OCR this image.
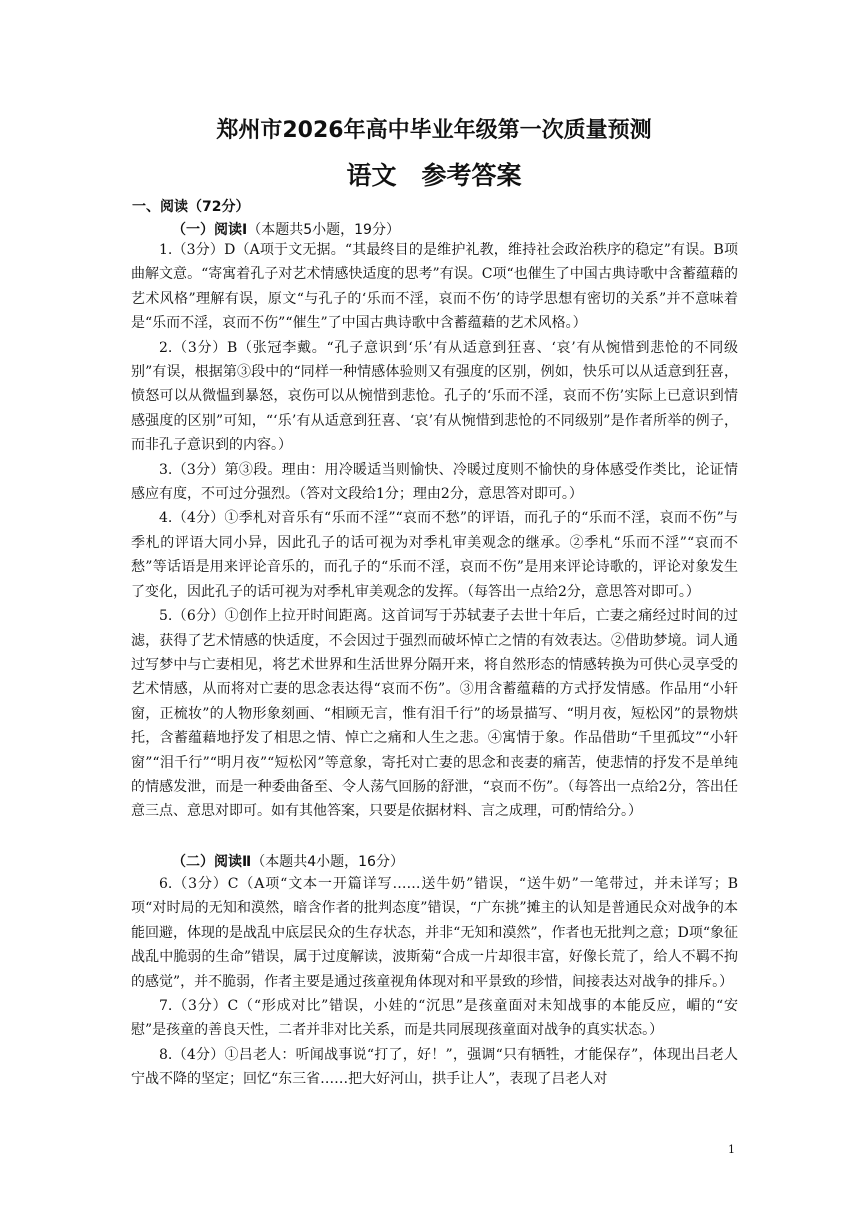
郑州市2026年高中毕业年级第一次质量预测
语文　参考答案
一、阅读（72分）
（一）阅读Ⅰ（本题共5小题，19分）

1.（3分）D（A项于文无据。“其最终目的是维护礼教，维持社会政治秩序的稳定”有误。B项曲解文意。“寄寓着孔子对艺术情感快适度的思考”有误。C项“也催生了中国古典诗歌中含蓄蕴藉的艺术风格”理解有误，原文“与孔子的‘乐而不淫，哀而不伤’的诗学思想有密切的关系”并不意味着是“乐而不淫，哀而不伤”“催生”了中国古典诗歌中含蓄蕴藉的艺术风格。）

2.（3分）B（张冠李戴。“孔子意识到‘乐’有从适意到狂喜、‘哀’有从惋惜到悲怆的不同级别”有误，根据第③段中的“同样一种情感体验则又有强度的区别，例如，快乐可以从适意到狂喜，愤怒可以从微愠到暴怒，哀伤可以从惋惜到悲怆。孔子的‘乐而不淫，哀而不伤’实际上已意识到情感强度的区别”可知，“‘乐’有从适意到狂喜、‘哀’有从惋惜到悲怆的不同级别”是作者所举的例子，而非孔子意识到的内容。）

3.（3分）第③段。理由：用冷暖适当则愉快、冷暖过度则不愉快的身体感受作类比，论证情感应有度，不可过分强烈。（答对文段给1分；理由2分，意思答对即可。）

4.（4分）①季札对音乐有“乐而不淫”“哀而不愁”的评语，而孔子的“乐而不淫，哀而不伤”与季札的评语大同小异，因此孔子的话可视为对季札审美观念的继承。②季札“乐而不淫”“哀而不愁”等话语是用来评论音乐的，而孔子的“乐而不淫，哀而不伤”是用来评论诗歌的，评论对象发生了变化，因此孔子的话可视为对季札审美观念的发挥。（每答出一点给2分，意思答对即可。）

5.（6分）①创作上拉开时间距离。这首词写于苏轼妻子去世十年后，亡妻之痛经过时间的过滤，获得了艺术情感的快适度，不会因过于强烈而破坏悼亡之情的有效表达。②借助梦境。词人通过写梦中与亡妻相见，将艺术世界和生活世界分隔开来，将自然形态的情感转换为可供心灵享受的艺术情感，从而将对亡妻的思念表达得“哀而不伤”。③用含蓄蕴藉的方式抒发情感。作品用“小轩窗，正梳妆”的人物形象刻画、“相顾无言，惟有泪千行”的场景描写、“明月夜，短松冈”的景物烘托，含蓄蕴藉地抒发了相思之情、悼亡之痛和人生之悲。④寓情于象。作品借助“千里孤坟”“小轩窗”“泪千行”“明月夜”“短松冈”等意象，寄托对亡妻的思念和丧妻的痛苦，使悲情的抒发不是单纯的情感发泄，而是一种委曲备至、令人荡气回肠的舒泄，“哀而不伤”。（每答出一点给2分，答出任意三点、意思对即可。如有其他答案，只要是依据材料、言之成理，可酌情给分。）

（二）阅读Ⅱ（本题共4小题，16分）

6.（3分）C（A项“文本一开篇详写……送牛奶”错误，“送牛奶”一笔带过，并未详写；B项“对时局的无知和漠然，暗含作者的批判态度”错误，“广东挑”摊主的认知是普通民众对战争的本能回避，体现的是战乱中底层民众的生存状态，并非“无知和漠然”，作者也无批判之意；D项“象征战乱中脆弱的生命”错误，属于过度解读，波斯菊“合成一片却很丰富，好像长荒了，给人不羁不拘的感觉”，并不脆弱，作者主要是通过孩童视角体现对和平景致的珍惜，间接表达对战争的排斥。）

7.（3分）C（“形成对比”错误，小娃的“沉思”是孩童面对未知战事的本能反应，嵋的“安慰”是孩童的善良天性，二者并非对比关系，而是共同展现孩童面对战争的真实状态。）

8.（4分）①吕老人：听闻战事说“打了，好！”，强调“只有牺牲，才能保存”，体现出吕老人宁战不降的坚定；回忆“东三省……把大好河山，拱手让人”，表现了吕老人对

1
